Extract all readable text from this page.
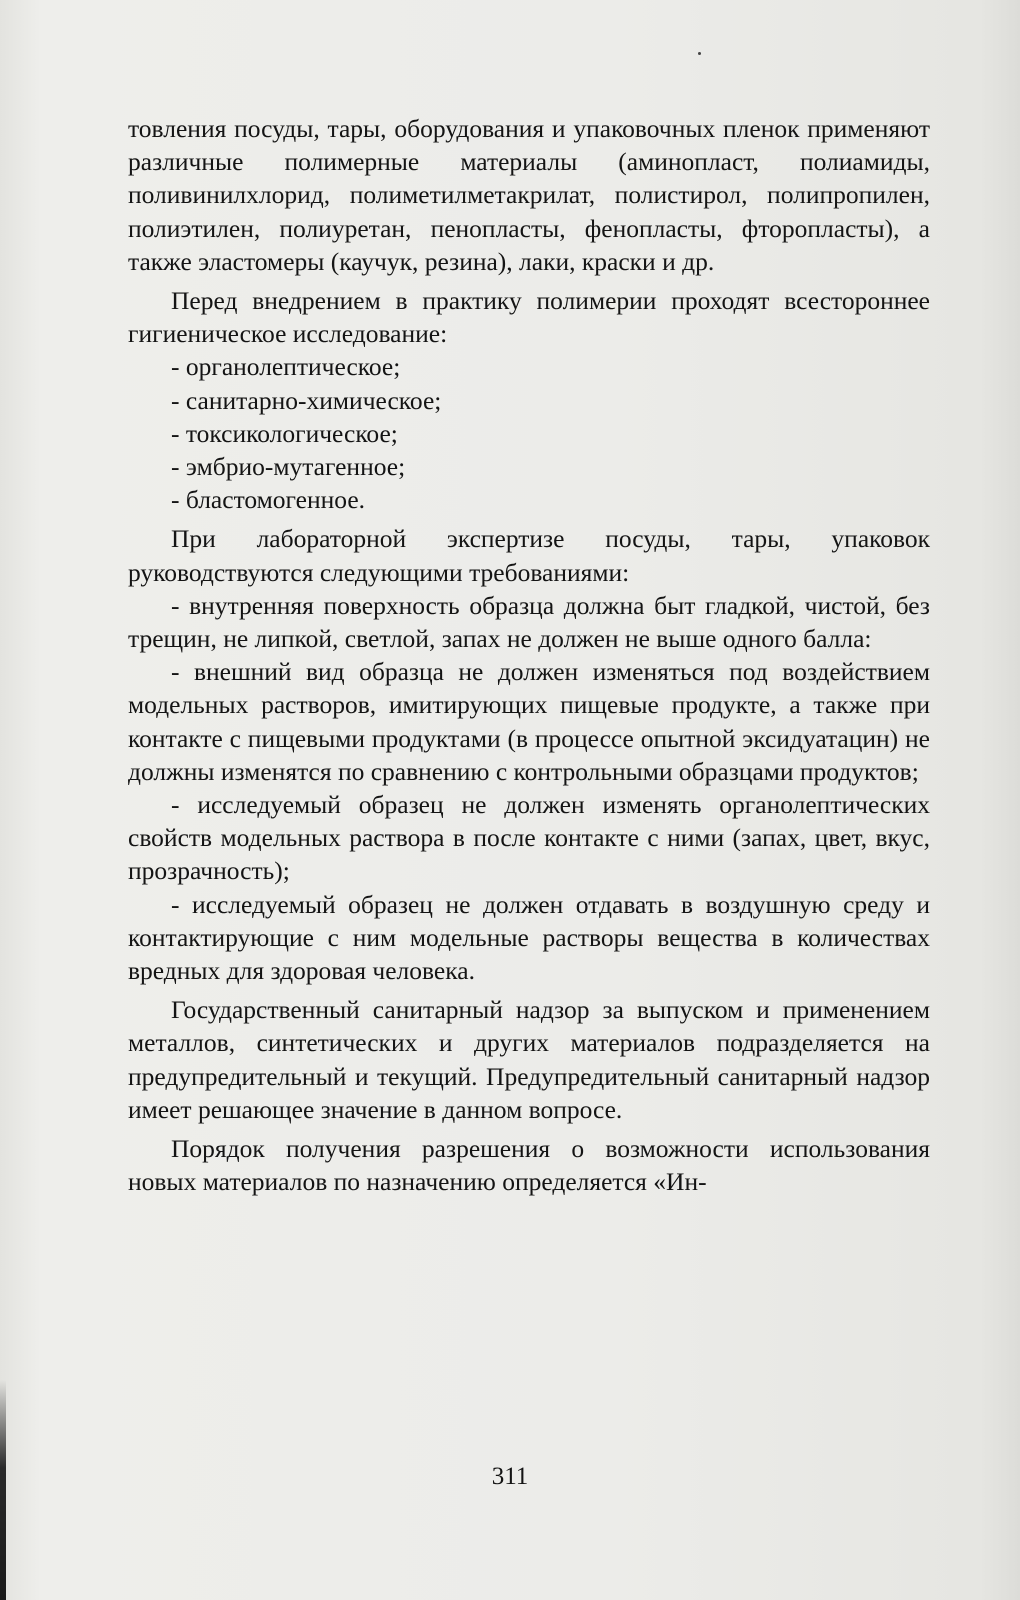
товления посуды, тары, оборудования и упаковочных пленок применяют различные полимерные материалы (аминопласт, полиамиды, поливинилхлорид, полиметилметакрилат, полистирол, полипропилен, полиэтилен, полиуретан, пенопласты, фенопласты, фторопласты), а также эластомеры (каучук, резина), лаки, краски и др.

Перед внедрением в практику полимерии проходят всестороннее гигиеническое исследование:

- органолептическое;

- санитарно-химическое;

- токсикологическое;

- эмбрио-мутагенное;

- бластомогенное.

При лабораторной экспертизе посуды, тары, упаковок руководствуются следующими требованиями:

- внутренняя поверхность образца должна быт гладкой, чистой, без трещин, не липкой, светлой, запах не должен не выше одного балла:

- внешний вид образца не должен изменяться под воздействием модельных растворов, имитирующих пищевые продукте, а также при контакте с пищевыми продуктами (в процессе опытной эксидуатацин) не должны изменятся по сравнению с контрольными образцами продуктов;

- исследуемый образец не должен изменять органолептических свойств модельных раствора в после контакте с ними (запах, цвет, вкус, прозрачность);

- исследуемый образец не должен отдавать в воздушную среду и контактирующие с ним модельные растворы вещества в количествах вредных для здоровая человека.

Государственный санитарный надзор за выпуском и применением металлов, синтетических и других материалов подразделяется на предупредительный и текущий. Предупредительный санитарный надзор имеет решающее значение в данном вопросе.

Порядок получения разрешения о возможности использования новых материалов по назначению определяется «Ин-

311
